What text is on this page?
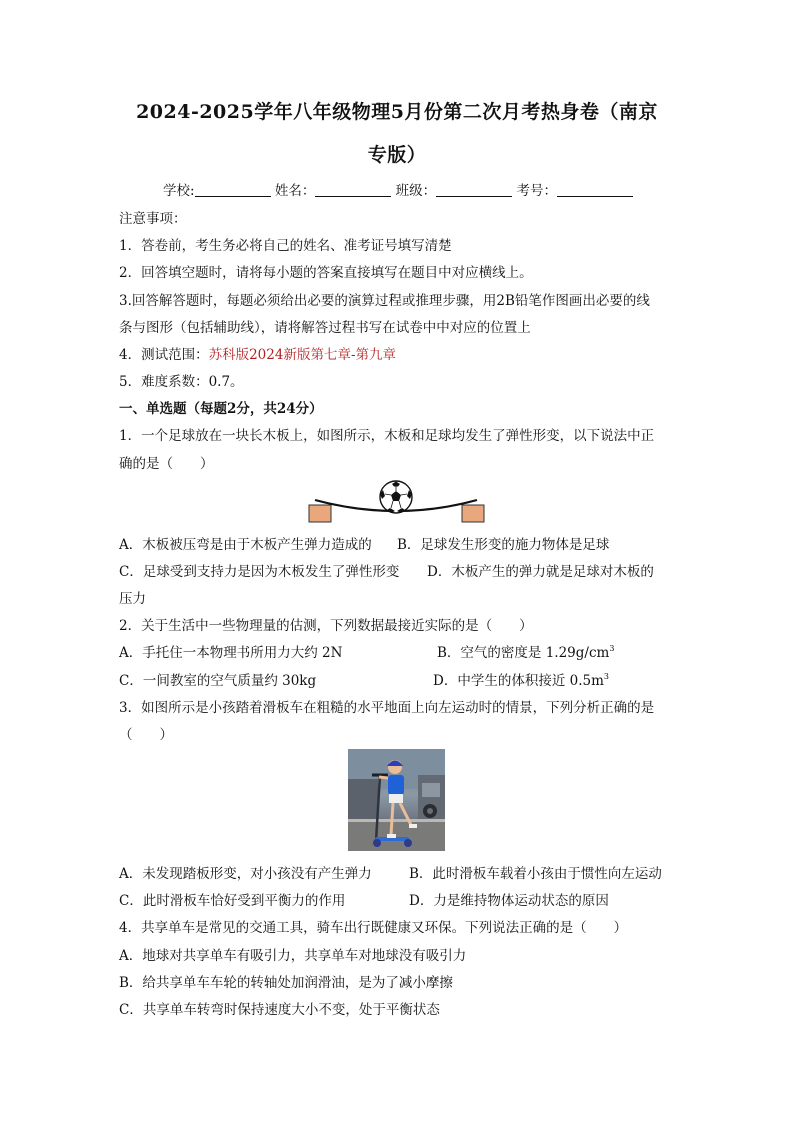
2024-2025学年八年级物理5月份第二次月考热身卷（南京
专版）
学校:	姓名：	班级：	考号：
注意事项：
1．答卷前，考生务必将自己的姓名、准考证号填写清楚
2．回答填空题时，请将每小题的答案直接填写在题目中对应横线上。
3.回答解答题时，每题必须给出必要的演算过程或推理步骤，用2B铅笔作图画出必要的线
条与图形（包括辅助线），请将解答过程书写在试卷中中对应的位置上
4．测试范围：苏科版2024新版第七章-第九章
5．难度系数：0.7。
一、单选题（每题2分，共24分）
1．一个足球放在一块长木板上，如图所示，木板和足球均发生了弹性形变，以下说法中正
确的是（　　）
A．木板被压弯是由于木板产生弹力造成的 B．足球发生形变的施力物体是足球
C．足球受到支持力是因为木板发生了弹性形变 D．木板产生的弹力就是足球对木板的
压力
2．关于生活中一些物理量的估测，下列数据最接近实际的是（　　）
A．手托住一本物理书所用力大约 2N	B．空气的密度是 $1.29g/cm^3$
C．一间教室的空气质量约 30kg	D．中学生的体积接近 $0.5m^3$
3．如图所示是小孩踏着滑板车在粗糙的水平地面上向左运动时的情景，下列分析正确的是
（　　）
A．未发现踏板形变，对小孩没有产生弹力	B．此时滑板车载着小孩由于惯性向左运动
C．此时滑板车恰好受到平衡力的作用	D．力是维持物体运动状态的原因
4．共享单车是常见的交通工具，骑车出行既健康又环保。下列说法正确的是（　　）
A．地球对共享单车有吸引力，共享单车对地球没有吸引力
B．给共享单车车轮的转轴处加润滑油，是为了减小摩擦
C．共享单车转弯时保持速度大小不变，处于平衡状态
